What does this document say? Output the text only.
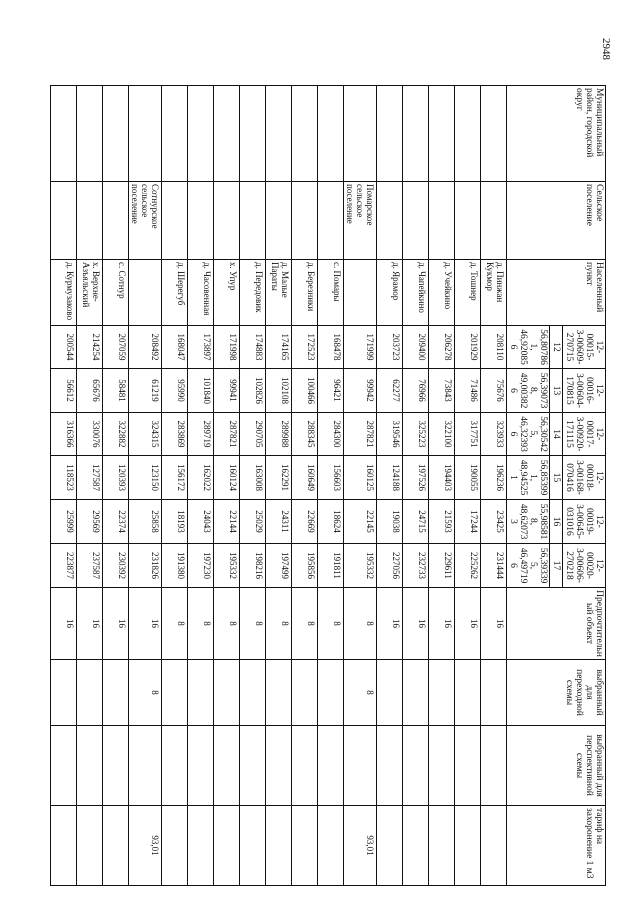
2948
Муниципальный район, городской округ	Сельское поселение	Населенный пункт	12-00015-З-00609-270715	12-00016-З-00604-170815	12-00017-З-00920-171115	12-00018-З-00168-070416	12-00019-З-00645-031016	12-00020-З-00606-270218	Предпочтительный объект	выбранный для переходной схемы	выбранный для перспективной схемы	тариф на захоронение 1 м3
			12	13	14	15	16	17				
			56,807861, 46,920856	56,390738, 49,003826	56,305425, 46,323936	56,853991, 48,945251	55,985818, 48,620733	56,393395, 46,497196				
		д. Пинжан Кукмор	208110	75676	323933	196236	23425	231444	16			
		д. Тошнер	201929	71486	317751	190055	17244	225262	16			
		д. Учейкино	206278	73843	322100	194403	21593	229611	16			
		д. Чапейкино	209400	76966	325223	197526	24715	232733	16			
		д. Ярамор	203723	62277	319546	124188	19038	227056	16			
	Помарское сельское поселение		171999	99942	287821	160125	22145	195332	8	8		93,01
		с. Помары	168478	96421	284300	156603	18624	191811	8			
		д. Березники	172523	100466	288345	160649	22669	195856	8			
		д. Малые Параты	174165	102108	289988	162291	24311	197499	8			
		д. Передовик	174883	102826	290705	163008	25029	198216	8			
		х. Упур	171998	99941	287821	160124	22144	195332	8			
		д. Часовенная	173897	101840	289719	162022	24043	197230	8			
		д. Шерегуб	168047	95990	283869	156172	18193	191380	8			
	Сотнурское сельское поселение		208492	61219	324315	123150	25858	231826	16	8		93,01
		с. Сотнур	207059	58481	322882	120393	22374	230392	16			
		х. Верхне-Азъяльский	214254	65676	330076	127587	29569	237587	16			
		д. Курмузаково	200544	56612	316366	118523	25999	223877	16			
